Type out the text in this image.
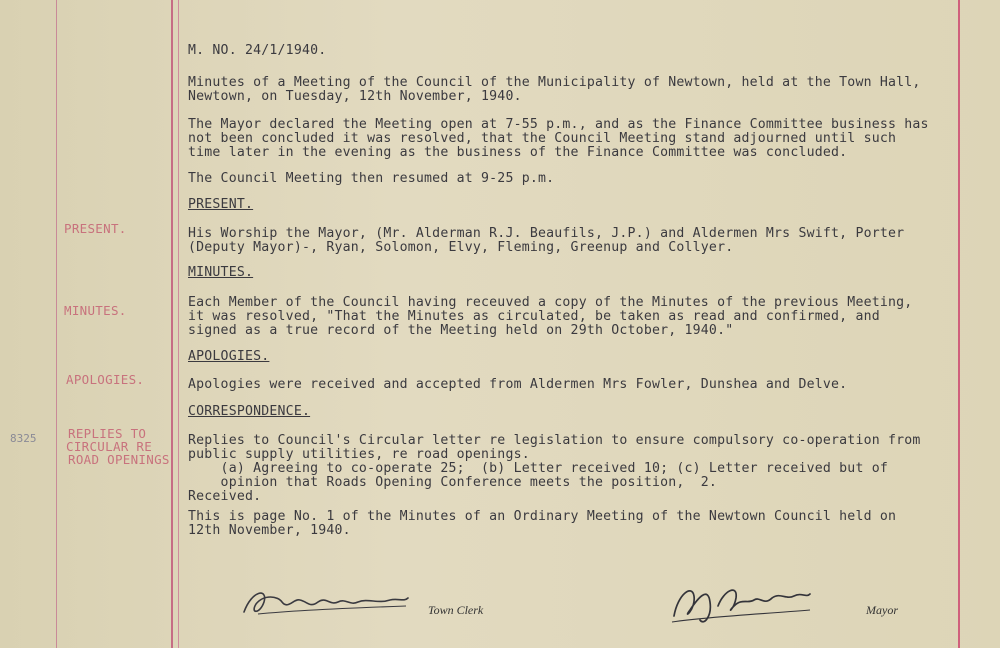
M. NO. 24/1/1940.

Minutes of a Meeting of the Council of the Municipality of Newtown, held at the Town Hall,

Newtown, on Tuesday, 12th November, 1940.

The Mayor declared the Meeting open at 7-55 p.m., and as the Finance Committee business has

not been concluded it was resolved, that the Council Meeting stand adjourned until such

time later in the evening as the business of the Finance Committee was concluded.

The Council Meeting then resumed at 9-25 p.m.

PRESENT.

PRESENT.	His Worship the Mayor, (Mr. Alderman R.J. Beaufils, J.P.) and Aldermen Mrs Swift, Porter

(Deputy Mayor)-, Ryan, Solomon, Elvy, Fleming, Greenup and Collyer.

MINUTES.

MINUTES.

Each Member of the Council having receuved a copy of the Minutes of the previous Meeting,

it was resolved, "That the Minutes as circulated, be taken as read and confirmed, and

signed as a true record of the Meeting held on 29th October, 1940."

APOLOGIES.

APOLOGIES.	Apologies were received and accepted from Aldermen Mrs Fowler, Dunshea and Delve.

CORRESPONDENCE.

8325	REPLIES TO
CIRCULAR RE
ROAD OPENINGS

Replies to Council's Circular letter re legislation to ensure compulsory co-operation from

public supply utilities, re road openings.

(a) Agreeing to co-operate 25;  (b) Letter received 10; (c) Letter received but of

opinion that Roads Opening Conference meets the position,  2.

Received.

This is page No. 1 of the Minutes of an Ordinary Meeting of the Newtown Council held on

12th November, 1940.

Town Clerk	Mayor
